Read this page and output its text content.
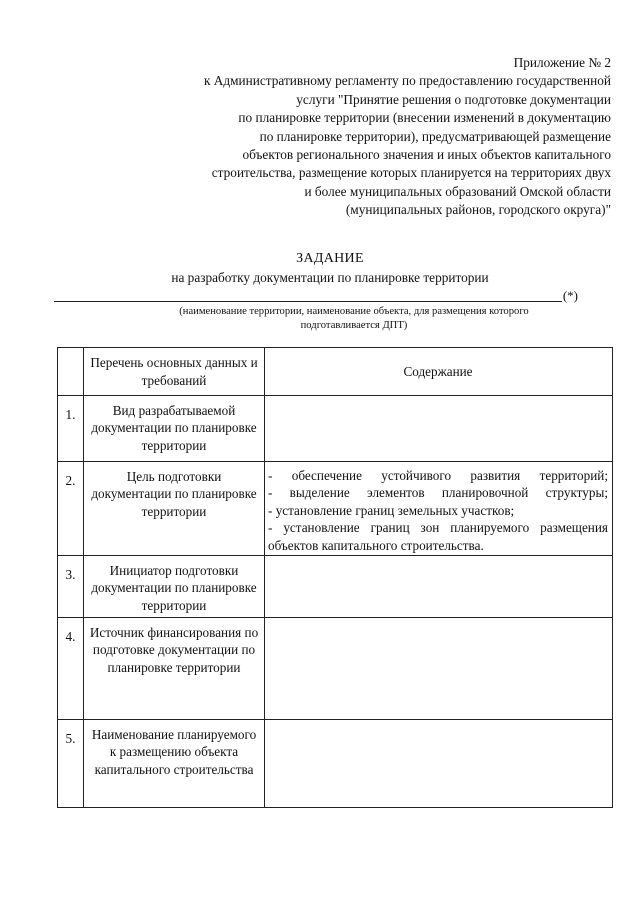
Приложение № 2
к Административному регламенту по предоставлению государственной
услуги "Принятие решения о подготовке документации
по планировке территории (внесении изменений в документацию
по планировке территории), предусматривающей размещение
объектов регионального значения и иных объектов капитального
строительства, размещение которых планируется на территориях двух
и более муниципальных образований Омской области
(муниципальных районов, городского округа)"
ЗАДАНИЕ
на разработку документации по планировке территории
(*)
(наименование территории, наименование объекта, для размещения которого
подготавливается ДПТ)
	Перечень основных данных и требований	Содержание
1.	Вид разрабатываемой документации по планировке территории	
2.	Цель подготовки документации по планировке территории	- обеспечение устойчивого развития территорий;
- выделение элементов планировочной структуры;
- установление границ земельных участков;
- установление границ зон планируемого размещения
объектов капитального строительства.

3.	Инициатор подготовки документации по планировке территории	
4.	Источник финансирования по подготовке документации по планировке территории	
5.	Наименование планируемого к размещению объекта капитального строительства	
